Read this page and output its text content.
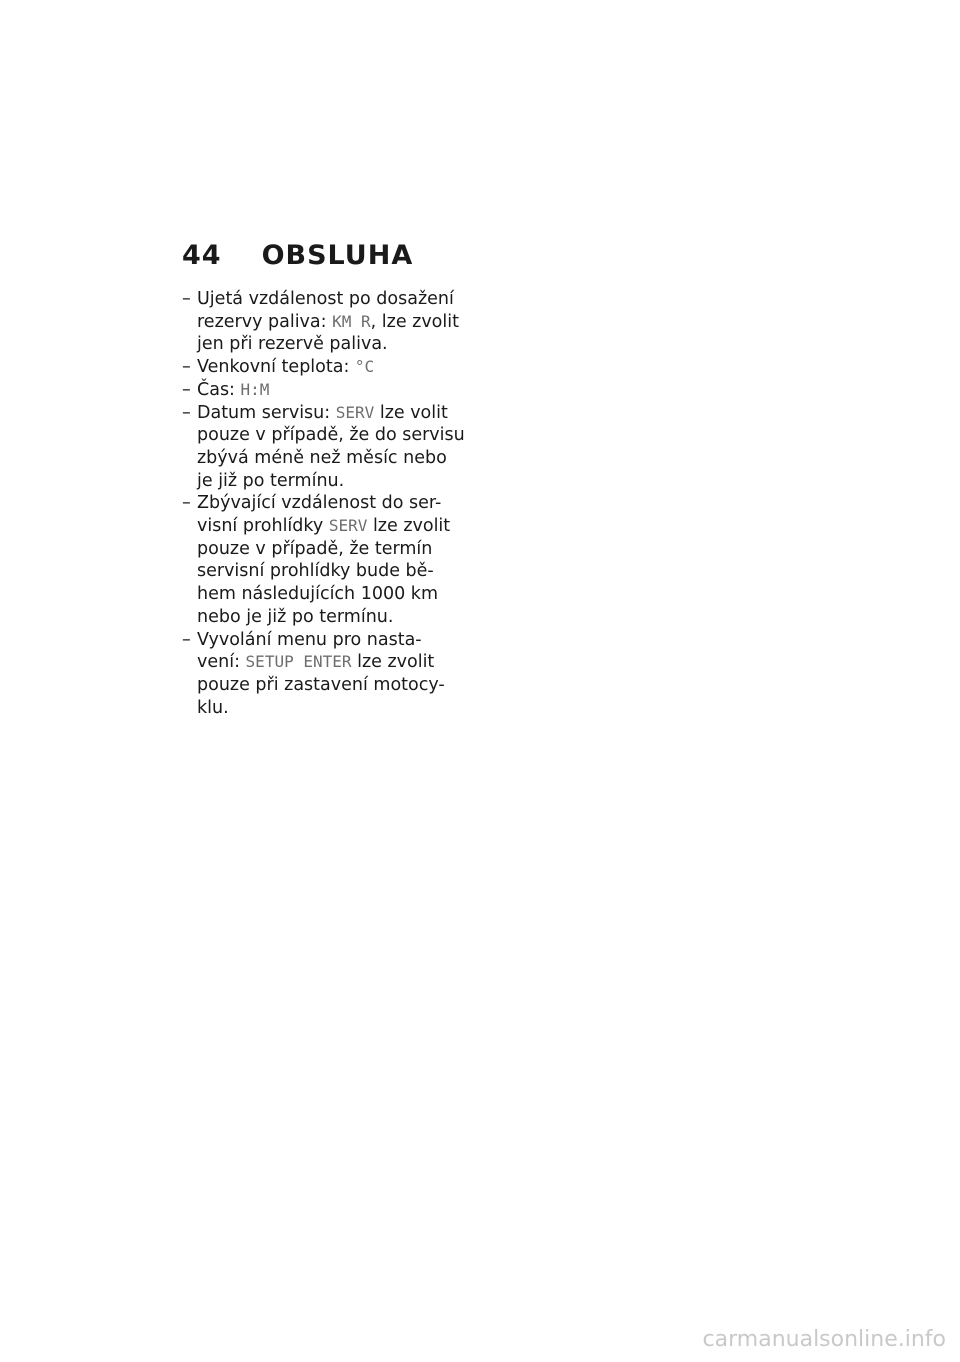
44 OBSLUHA
– Ujetá vzdálenost po dosažení
rezervy paliva: KM R, lze zvolit
jen při rezervě paliva.
– Venkovní teplota: °C
– Čas: H:M
– Datum servisu: SERV lze volit
pouze v případě, že do servisu
zbývá méně než měsíc nebo
je již po termínu.
– Zbývající vzdálenost do ser-
visní prohlídky SERV lze zvolit
pouze v případě, že termín
servisní prohlídky bude bě-
hem následujících 1000 km
nebo je již po termínu.
– Vyvolání menu pro nasta-
vení: SETUP ENTER lze zvolit
pouze při zastavení motocy-
klu.
carmanualsonline.info
